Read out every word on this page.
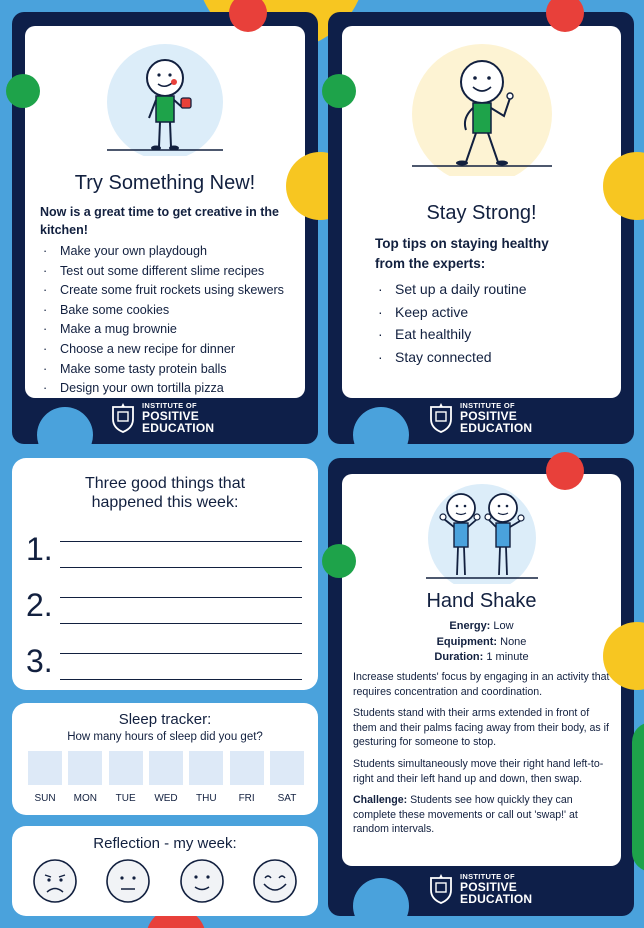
Try Something New!
Now is a great time to get creative in the kitchen!
· Make your own playdough
· Test out some different slime recipes
· Create some fruit rockets using skewers
· Bake some cookies
· Make a mug brownie
· Choose a new recipe for dinner
· Make some tasty protein balls
· Design your own tortilla pizza
INSTITUTE OF
POSITIVE
EDUCATION
Stay Strong!
Top tips on staying healthy from the experts:
· Set up a daily routine
· Keep active
· Eat healthily
· Stay connected
INSTITUTE OF
POSITIVE
EDUCATION
Three good things that
happened this week:
1.
2.
3.
Sleep tracker:
How many hours of sleep did you get?
SUN MON TUE WED THU FRI SAT
Reflection - my week:
Hand Shake
Energy: Low
Equipment: None
Duration: 1 minute

Increase students' focus by engaging in an activity that requires concentration and coordination.

Students stand with their arms extended in front of them and their palms facing away from their body, as if gesturing for someone to stop.

Students simultaneously move their right hand left-to-right and their left hand up and down, then swap.

Challenge: Students see how quickly they can complete these movements or call out 'swap!' at random intervals.

INSTITUTE OF
POSITIVE
EDUCATION
